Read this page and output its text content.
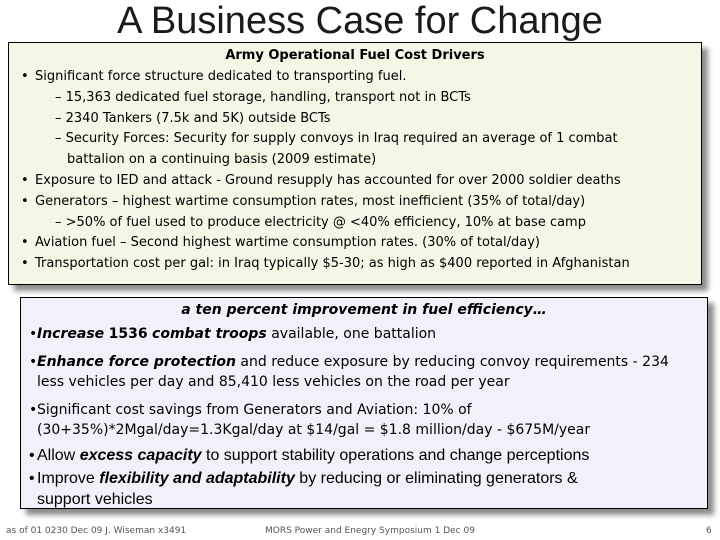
A Business Case for Change
Army Operational Fuel Cost Drivers
• Significant force structure dedicated to transporting fuel.
– 15,363 dedicated fuel storage, handling, transport not in BCTs
– 2340 Tankers (7.5k and 5K) outside BCTs
– Security Forces: Security for supply convoys in Iraq required an average of 1 combat
battalion on a continuing basis (2009 estimate)
• Exposure to IED and attack - Ground resupply has accounted for over 2000 soldier deaths
• Generators – highest wartime consumption rates, most inefficient (35% of total/day)
– >50% of fuel used to produce electricity @ <40% efficiency, 10% at base camp
• Aviation fuel – Second highest wartime consumption rates. (30% of total/day)
• Transportation cost per gal: in Iraq typically $5-30; as high as $400 reported in Afghanistan
a ten percent improvement in fuel efficiency…
• Increase 1536 combat troops available, one battalion
• Enhance force protection and reduce exposure by reducing convoy requirements - 234
less vehicles per day and 85,410 less vehicles on the road per year
• Significant cost savings from Generators and Aviation: 10% of
(30+35%)*2Mgal/day=1.3Kgal/day at $14/gal = $1.8 million/day - $675M/year
• Allow excess capacity to support stability operations and change perceptions
• Improve flexibility and adaptability by reducing or eliminating generators &
support vehicles
as of 01 0230 Dec 09 J. Wiseman x3491	MORS Power and Enegry Symposium 1 Dec 09	6
